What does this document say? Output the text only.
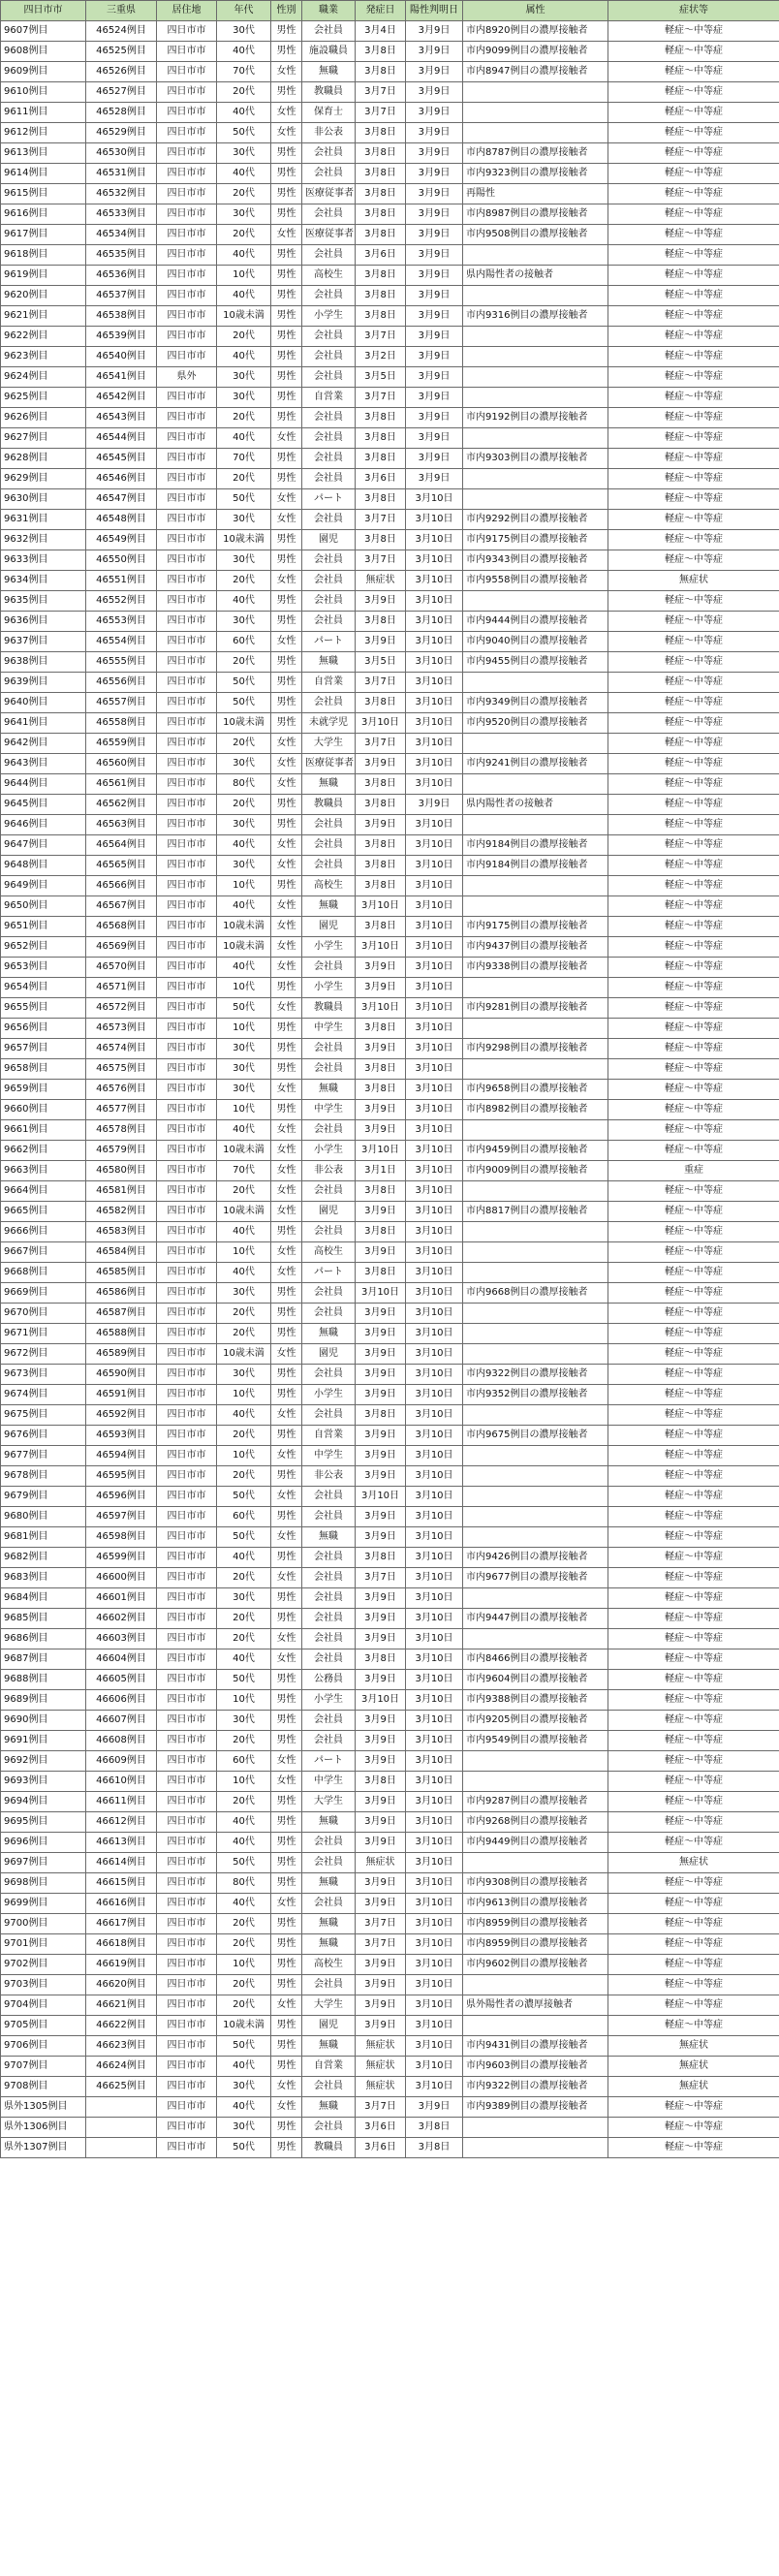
四日市市	三重県	居住地	年代	性別	職業	発症日	陽性判明日	属性	症状等
9607例目	46524例目	四日市市	30代	男性	会社員	3月4日	3月9日	市内8920例目の濃厚接触者	軽症～中等症
9608例目	46525例目	四日市市	40代	男性	施設職員	3月8日	3月9日	市内9099例目の濃厚接触者	軽症～中等症
9609例目	46526例目	四日市市	70代	女性	無職	3月8日	3月9日	市内8947例目の濃厚接触者	軽症～中等症
9610例目	46527例目	四日市市	20代	男性	教職員	3月7日	3月9日		軽症～中等症
9611例目	46528例目	四日市市	40代	女性	保育士	3月7日	3月9日		軽症～中等症
9612例目	46529例目	四日市市	50代	女性	非公表	3月8日	3月9日		軽症～中等症
9613例目	46530例目	四日市市	30代	男性	会社員	3月8日	3月9日	市内8787例目の濃厚接触者	軽症～中等症
9614例目	46531例目	四日市市	40代	男性	会社員	3月8日	3月9日	市内9323例目の濃厚接触者	軽症～中等症
9615例目	46532例目	四日市市	20代	男性	医療従事者	3月8日	3月9日	再陽性	軽症～中等症
9616例目	46533例目	四日市市	30代	男性	会社員	3月8日	3月9日	市内8987例目の濃厚接触者	軽症～中等症
9617例目	46534例目	四日市市	20代	女性	医療従事者	3月8日	3月9日	市内9508例目の濃厚接触者	軽症～中等症
9618例目	46535例目	四日市市	40代	男性	会社員	3月6日	3月9日		軽症～中等症
9619例目	46536例目	四日市市	10代	男性	高校生	3月8日	3月9日	県内陽性者の接触者	軽症～中等症
9620例目	46537例目	四日市市	40代	男性	会社員	3月8日	3月9日		軽症～中等症
9621例目	46538例目	四日市市	10歳未満	男性	小学生	3月8日	3月9日	市内9316例目の濃厚接触者	軽症～中等症
9622例目	46539例目	四日市市	20代	男性	会社員	3月7日	3月9日		軽症～中等症
9623例目	46540例目	四日市市	40代	男性	会社員	3月2日	3月9日		軽症～中等症
9624例目	46541例目	県外	30代	男性	会社員	3月5日	3月9日		軽症～中等症
9625例目	46542例目	四日市市	30代	男性	自営業	3月7日	3月9日		軽症～中等症
9626例目	46543例目	四日市市	20代	男性	会社員	3月8日	3月9日	市内9192例目の濃厚接触者	軽症～中等症
9627例目	46544例目	四日市市	40代	女性	会社員	3月8日	3月9日		軽症～中等症
9628例目	46545例目	四日市市	70代	男性	会社員	3月8日	3月9日	市内9303例目の濃厚接触者	軽症～中等症
9629例目	46546例目	四日市市	20代	男性	会社員	3月6日	3月9日		軽症～中等症
9630例目	46547例目	四日市市	50代	女性	パート	3月8日	3月10日		軽症～中等症
9631例目	46548例目	四日市市	30代	女性	会社員	3月7日	3月10日	市内9292例目の濃厚接触者	軽症～中等症
9632例目	46549例目	四日市市	10歳未満	男性	園児	3月8日	3月10日	市内9175例目の濃厚接触者	軽症～中等症
9633例目	46550例目	四日市市	30代	男性	会社員	3月7日	3月10日	市内9343例目の濃厚接触者	軽症～中等症
9634例目	46551例目	四日市市	20代	女性	会社員	無症状	3月10日	市内9558例目の濃厚接触者	無症状
9635例目	46552例目	四日市市	40代	男性	会社員	3月9日	3月10日		軽症～中等症
9636例目	46553例目	四日市市	30代	男性	会社員	3月8日	3月10日	市内9444例目の濃厚接触者	軽症～中等症
9637例目	46554例目	四日市市	60代	女性	パート	3月9日	3月10日	市内9040例目の濃厚接触者	軽症～中等症
9638例目	46555例目	四日市市	20代	男性	無職	3月5日	3月10日	市内9455例目の濃厚接触者	軽症～中等症
9639例目	46556例目	四日市市	50代	男性	自営業	3月7日	3月10日		軽症～中等症
9640例目	46557例目	四日市市	50代	男性	会社員	3月8日	3月10日	市内9349例目の濃厚接触者	軽症～中等症
9641例目	46558例目	四日市市	10歳未満	男性	未就学児	3月10日	3月10日	市内9520例目の濃厚接触者	軽症～中等症
9642例目	46559例目	四日市市	20代	女性	大学生	3月7日	3月10日		軽症～中等症
9643例目	46560例目	四日市市	30代	女性	医療従事者	3月9日	3月10日	市内9241例目の濃厚接触者	軽症～中等症
9644例目	46561例目	四日市市	80代	女性	無職	3月8日	3月10日		軽症～中等症
9645例目	46562例目	四日市市	20代	男性	教職員	3月8日	3月9日	県内陽性者の接触者	軽症～中等症
9646例目	46563例目	四日市市	30代	男性	会社員	3月9日	3月10日		軽症～中等症
9647例目	46564例目	四日市市	40代	女性	会社員	3月8日	3月10日	市内9184例目の濃厚接触者	軽症～中等症
9648例目	46565例目	四日市市	30代	女性	会社員	3月8日	3月10日	市内9184例目の濃厚接触者	軽症～中等症
9649例目	46566例目	四日市市	10代	男性	高校生	3月8日	3月10日		軽症～中等症
9650例目	46567例目	四日市市	40代	女性	無職	3月10日	3月10日		軽症～中等症
9651例目	46568例目	四日市市	10歳未満	女性	園児	3月8日	3月10日	市内9175例目の濃厚接触者	軽症～中等症
9652例目	46569例目	四日市市	10歳未満	女性	小学生	3月10日	3月10日	市内9437例目の濃厚接触者	軽症～中等症
9653例目	46570例目	四日市市	40代	女性	会社員	3月9日	3月10日	市内9338例目の濃厚接触者	軽症～中等症
9654例目	46571例目	四日市市	10代	男性	小学生	3月9日	3月10日		軽症～中等症
9655例目	46572例目	四日市市	50代	女性	教職員	3月10日	3月10日	市内9281例目の濃厚接触者	軽症～中等症
9656例目	46573例目	四日市市	10代	男性	中学生	3月8日	3月10日		軽症～中等症
9657例目	46574例目	四日市市	30代	男性	会社員	3月9日	3月10日	市内9298例目の濃厚接触者	軽症～中等症
9658例目	46575例目	四日市市	30代	男性	会社員	3月8日	3月10日		軽症～中等症
9659例目	46576例目	四日市市	30代	女性	無職	3月8日	3月10日	市内9658例目の濃厚接触者	軽症～中等症
9660例目	46577例目	四日市市	10代	男性	中学生	3月9日	3月10日	市内8982例目の濃厚接触者	軽症～中等症
9661例目	46578例目	四日市市	40代	女性	会社員	3月9日	3月10日		軽症～中等症
9662例目	46579例目	四日市市	10歳未満	女性	小学生	3月10日	3月10日	市内9459例目の濃厚接触者	軽症～中等症
9663例目	46580例目	四日市市	70代	女性	非公表	3月1日	3月10日	市内9009例目の濃厚接触者	重症
9664例目	46581例目	四日市市	20代	女性	会社員	3月8日	3月10日		軽症～中等症
9665例目	46582例目	四日市市	10歳未満	女性	園児	3月9日	3月10日	市内8817例目の濃厚接触者	軽症～中等症
9666例目	46583例目	四日市市	40代	男性	会社員	3月8日	3月10日		軽症～中等症
9667例目	46584例目	四日市市	10代	女性	高校生	3月9日	3月10日		軽症～中等症
9668例目	46585例目	四日市市	40代	女性	パート	3月8日	3月10日		軽症～中等症
9669例目	46586例目	四日市市	30代	男性	会社員	3月10日	3月10日	市内9668例目の濃厚接触者	軽症～中等症
9670例目	46587例目	四日市市	20代	男性	会社員	3月9日	3月10日		軽症～中等症
9671例目	46588例目	四日市市	20代	男性	無職	3月9日	3月10日		軽症～中等症
9672例目	46589例目	四日市市	10歳未満	女性	園児	3月9日	3月10日		軽症～中等症
9673例目	46590例目	四日市市	30代	男性	会社員	3月9日	3月10日	市内9322例目の濃厚接触者	軽症～中等症
9674例目	46591例目	四日市市	10代	男性	小学生	3月9日	3月10日	市内9352例目の濃厚接触者	軽症～中等症
9675例目	46592例目	四日市市	40代	女性	会社員	3月8日	3月10日		軽症～中等症
9676例目	46593例目	四日市市	20代	男性	自営業	3月9日	3月10日	市内9675例目の濃厚接触者	軽症～中等症
9677例目	46594例目	四日市市	10代	女性	中学生	3月9日	3月10日		軽症～中等症
9678例目	46595例目	四日市市	20代	男性	非公表	3月9日	3月10日		軽症～中等症
9679例目	46596例目	四日市市	50代	女性	会社員	3月10日	3月10日		軽症～中等症
9680例目	46597例目	四日市市	60代	男性	会社員	3月9日	3月10日		軽症～中等症
9681例目	46598例目	四日市市	50代	女性	無職	3月9日	3月10日		軽症～中等症
9682例目	46599例目	四日市市	40代	男性	会社員	3月8日	3月10日	市内9426例目の濃厚接触者	軽症～中等症
9683例目	46600例目	四日市市	20代	女性	会社員	3月7日	3月10日	市内9677例目の濃厚接触者	軽症～中等症
9684例目	46601例目	四日市市	30代	男性	会社員	3月9日	3月10日		軽症～中等症
9685例目	46602例目	四日市市	20代	男性	会社員	3月9日	3月10日	市内9447例目の濃厚接触者	軽症～中等症
9686例目	46603例目	四日市市	20代	女性	会社員	3月9日	3月10日		軽症～中等症
9687例目	46604例目	四日市市	40代	女性	会社員	3月8日	3月10日	市内8466例目の濃厚接触者	軽症～中等症
9688例目	46605例目	四日市市	50代	男性	公務員	3月9日	3月10日	市内9604例目の濃厚接触者	軽症～中等症
9689例目	46606例目	四日市市	10代	男性	小学生	3月10日	3月10日	市内9388例目の濃厚接触者	軽症～中等症
9690例目	46607例目	四日市市	30代	男性	会社員	3月9日	3月10日	市内9205例目の濃厚接触者	軽症～中等症
9691例目	46608例目	四日市市	20代	男性	会社員	3月9日	3月10日	市内9549例目の濃厚接触者	軽症～中等症
9692例目	46609例目	四日市市	60代	女性	パート	3月9日	3月10日		軽症～中等症
9693例目	46610例目	四日市市	10代	女性	中学生	3月8日	3月10日		軽症～中等症
9694例目	46611例目	四日市市	20代	男性	大学生	3月9日	3月10日	市内9287例目の濃厚接触者	軽症～中等症
9695例目	46612例目	四日市市	40代	男性	無職	3月9日	3月10日	市内9268例目の濃厚接触者	軽症～中等症
9696例目	46613例目	四日市市	40代	男性	会社員	3月9日	3月10日	市内9449例目の濃厚接触者	軽症～中等症
9697例目	46614例目	四日市市	50代	男性	会社員	無症状	3月10日		無症状
9698例目	46615例目	四日市市	80代	男性	無職	3月9日	3月10日	市内9308例目の濃厚接触者	軽症～中等症
9699例目	46616例目	四日市市	40代	女性	会社員	3月9日	3月10日	市内9613例目の濃厚接触者	軽症～中等症
9700例目	46617例目	四日市市	20代	男性	無職	3月7日	3月10日	市内8959例目の濃厚接触者	軽症～中等症
9701例目	46618例目	四日市市	20代	男性	無職	3月7日	3月10日	市内8959例目の濃厚接触者	軽症～中等症
9702例目	46619例目	四日市市	10代	男性	高校生	3月9日	3月10日	市内9602例目の濃厚接触者	軽症～中等症
9703例目	46620例目	四日市市	20代	男性	会社員	3月9日	3月10日		軽症～中等症
9704例目	46621例目	四日市市	20代	女性	大学生	3月9日	3月10日	県外陽性者の濃厚接触者	軽症～中等症
9705例目	46622例目	四日市市	10歳未満	男性	園児	3月9日	3月10日		軽症～中等症
9706例目	46623例目	四日市市	50代	男性	無職	無症状	3月10日	市内9431例目の濃厚接触者	無症状
9707例目	46624例目	四日市市	40代	男性	自営業	無症状	3月10日	市内9603例目の濃厚接触者	無症状
9708例目	46625例目	四日市市	30代	女性	会社員	無症状	3月10日	市内9322例目の濃厚接触者	無症状
県外1305例目		四日市市	40代	女性	無職	3月7日	3月9日	市内9389例目の濃厚接触者	軽症～中等症
県外1306例目		四日市市	30代	男性	会社員	3月6日	3月8日		軽症～中等症
県外1307例目		四日市市	50代	男性	教職員	3月6日	3月8日		軽症～中等症
